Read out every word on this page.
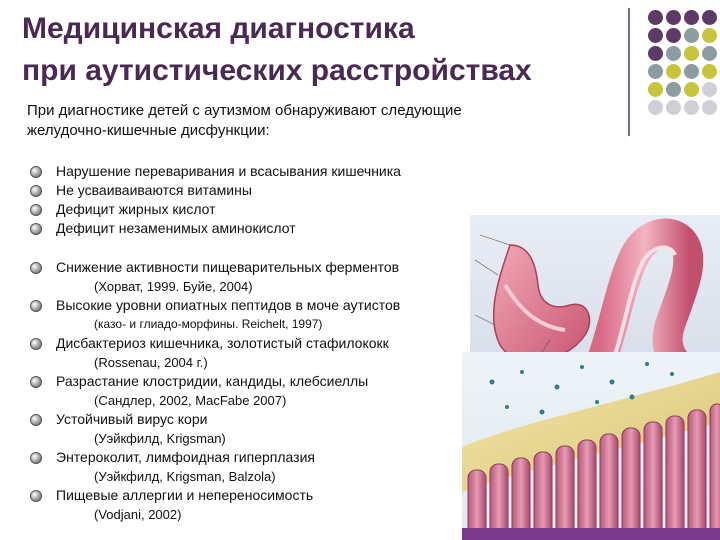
Медицинская диагностика
при аутистических расстройствах
При диагностике детей с аутизмом обнаруживают следующие
желудочно-кишечные дисфункции:
Нарушение переваривания и всасывания кишечника
Не усваиваиваются витамины
Дефицит жирных кислот
Дефицит незаменимых аминокислот
Снижение активности пищеварительных ферментов
(Хорват, 1999. Буйе, 2004)
Высокие уровни опиатных пептидов в моче аутистов
(казо- и глиадо-морфины. Reichelt, 1997)
Дисбактериоз кишечника, золотистый стафилококк
(Rossenau, 2004 г.)
Разрастание клостридии, кандиды, клебсиеллы
(Сандлер, 2002, MacFabe 2007)
Устойчивый вирус кори
(Уэйкфилд, Krigsman)
Энтероколит, лимфоидная гиперплазия
(Уэйкфилд, Krigsman, Balzola)
Пищевые аллергии и непереносимость
(Vodjani, 2002)
